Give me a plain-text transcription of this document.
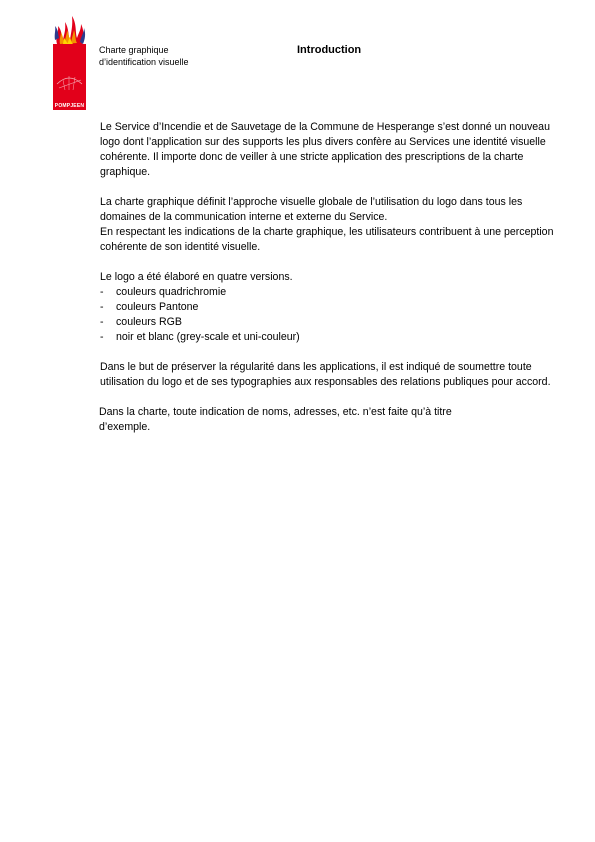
POMPJEEN
Charte graphique
d’identification visuelle
Introduction

Le Service d’Incendie et de Sauvetage de la Commune de Hesperange s’est donné un nouveau logo dont l’application sur des supports les plus divers confère au Services une identité visuelle cohérente. Il importe donc de veiller à une stricte application des prescriptions de la charte graphique.

La charte graphique définit l’approche visuelle globale de l’utilisation du logo dans tous les domaines de la communication interne et externe du Service.

En respectant les indications de la charte graphique, les utilisateurs contribuent à une perception cohérente de son identité visuelle.

Le logo a été élaboré en quatre versions.

-	couleurs quadrichromie
-	couleurs Pantone
-	couleurs RGB
-	noir et blanc (grey-scale et uni-couleur)

Dans le but de préserver la régularité dans les applications, il est indiqué de soumettre toute utilisation du logo et de ses typographies aux responsables des relations publiques pour accord.

Dans la charte, toute indication de noms, adresses, etc. n’est faite qu’à titre d’exemple.
